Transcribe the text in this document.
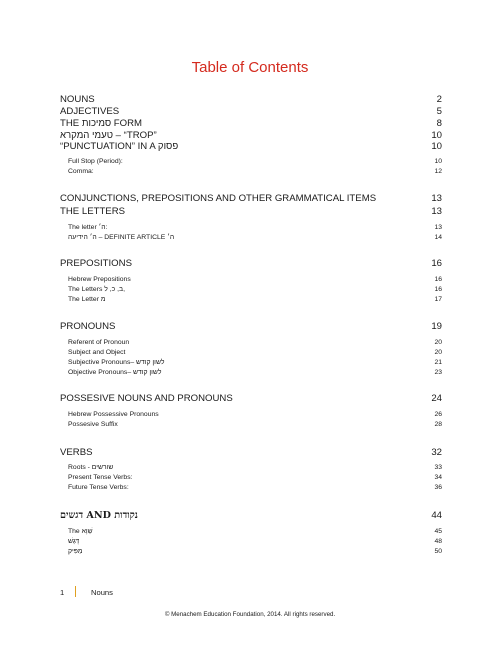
Table of Contents
NOUNS	2
ADJECTIVES	5
THE סמיכות FORM	8
טעמי המקרא – “TROP”	10
“PUNCTUATION” IN A פסוק	10
Full Stop (Period):	10
Comma:	12
CONJUNCTIONS, PREPOSITIONS AND OTHER GRAMMATICAL ITEMS	13
THE LETTERS	13
The letter ה׳:	13
ה׳ הידיעה – DEFINITE ARTICLE ה׳	14
PREPOSITIONS	16
Hebrew Prepositions	16
The Letters ב, כ, ל,	16
The Letter מ	17
PRONOUNS	19
Referent of Pronoun	20
Subject and Object	20
Subjective Pronouns– לשון קודש	21
Objective Pronouns– לשון קודש	23
POSSESIVE NOUNS AND PRONOUNS	24
Hebrew Possessive Pronouns	26
Possesive Suffix	28
VERBS	32
Roots - שורשים	33
Present Tense Verbs:	34
Future Tense Verbs:	36
דגשים AND נקודות	44
The שְׁוָא	45
דָּגֵשׁ	48
מַפִּיק	50
1	Nouns
© Menachem Education Foundation, 2014. All rights reserved.
